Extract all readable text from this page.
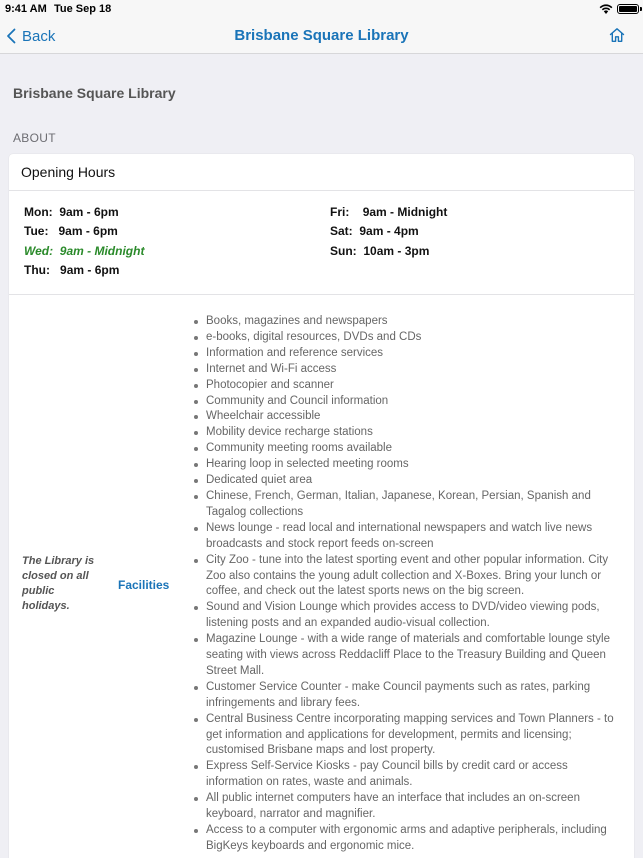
9:41 AM Tue Sep 18
Back	Brisbane Square Library
Brisbane Square Library
ABOUT
Opening Hours
Mon: 9am - 6pm
Tue: 9am - 6pm
Wed: 9am - Midnight
Thu: 9am - 6pm
Fri: 9am - Midnight
Sat: 9am - 4pm
Sun: 10am - 3pm
The Library is closed on all public holidays.
Facilities
Books, magazines and newspapers
e-books, digital resources, DVDs and CDs
Information and reference services
Internet and Wi-Fi access
Photocopier and scanner
Community and Council information
Wheelchair accessible
Mobility device recharge stations
Community meeting rooms available
Hearing loop in selected meeting rooms
Dedicated quiet area
Chinese, French, German, Italian, Japanese, Korean, Persian, Spanish and Tagalog collections
News lounge - read local and international newspapers and watch live news broadcasts and stock report feeds on-screen
City Zoo - tune into the latest sporting event and other popular information. City Zoo also contains the young adult collection and X-Boxes. Bring your lunch or coffee, and check out the latest sports news on the big screen.
Sound and Vision Lounge which provides access to DVD/video viewing pods, listening posts and an expanded audio-visual collection.
Magazine Lounge - with a wide range of materials and comfortable lounge style seating with views across Reddacliff Place to the Treasury Building and Queen Street Mall.
Customer Service Counter - make Council payments such as rates, parking infringements and library fees.
Central Business Centre incorporating mapping services and Town Planners - to get information and applications for development, permits and licensing; customised Brisbane maps and lost property.
Express Self-Service Kiosks - pay Council bills by credit card or access information on rates, waste and animals.
All public internet computers have an interface that includes an on-screen keyboard, narrator and magnifier.
Access to a computer with ergonomic arms and adaptive peripherals, including BigKeys keyboards and ergonomic mice.
